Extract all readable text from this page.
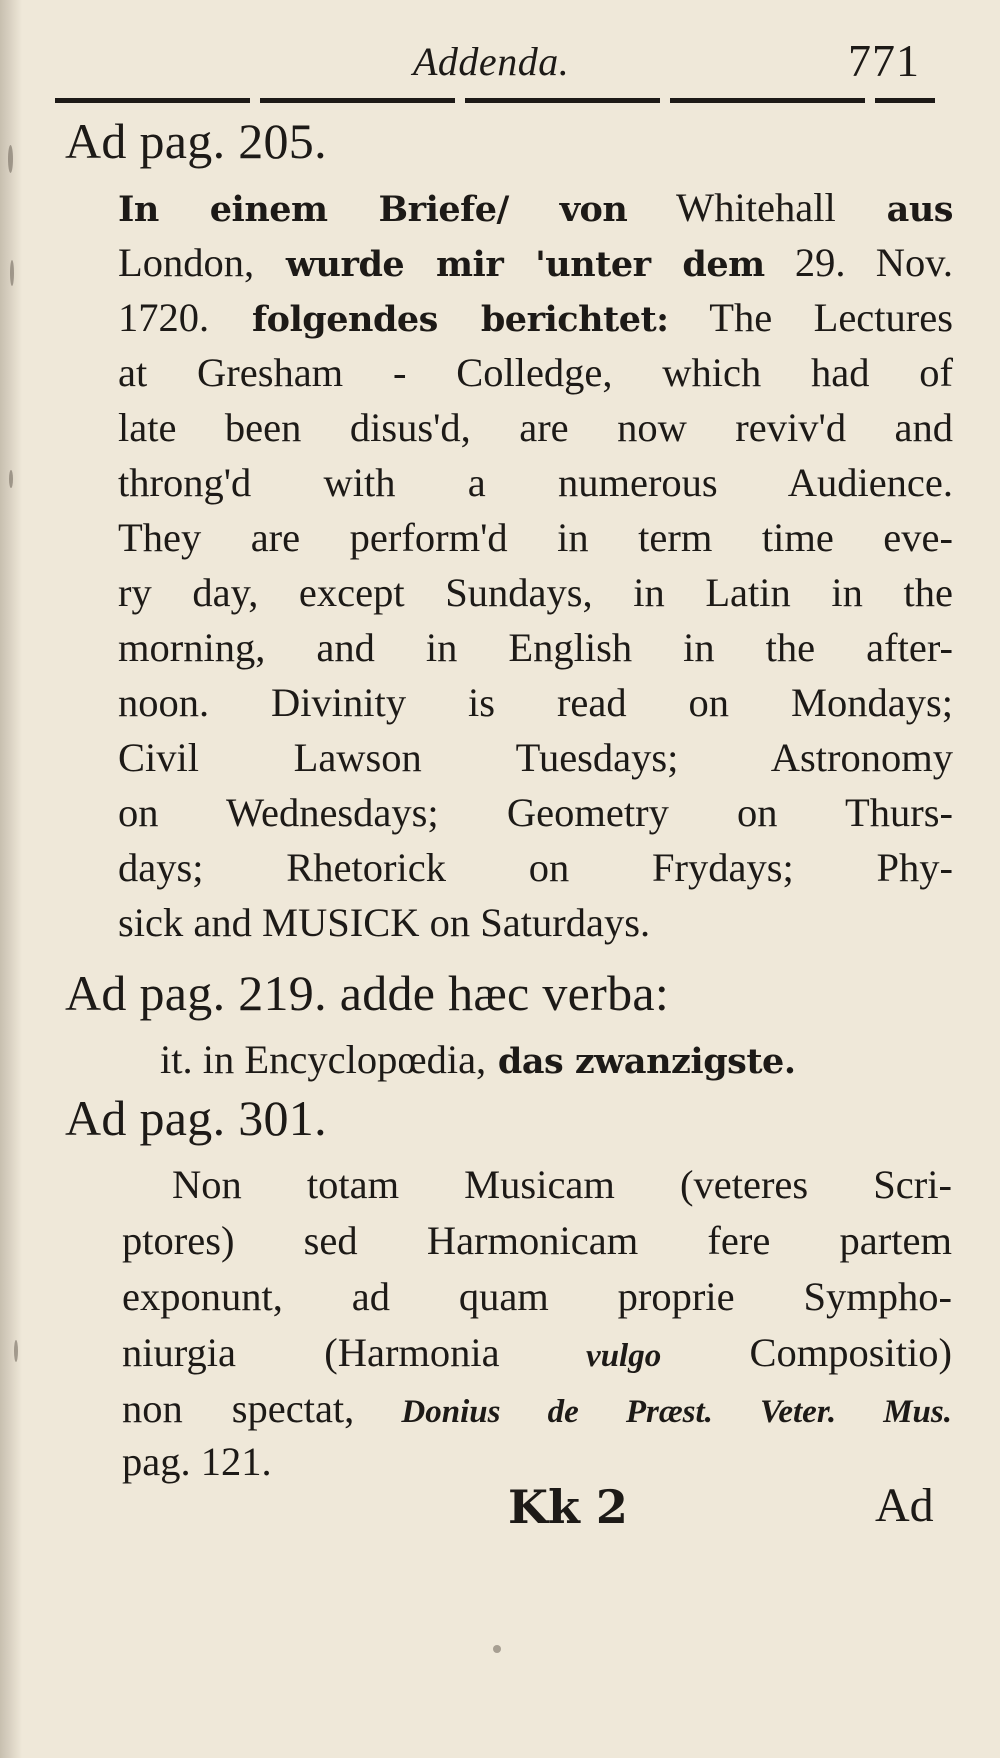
Addenda.	771
Ad pag. 205.
In einem Briefe/ von Whitehall aus
London, wurde mir 'unter dem 29. Nov.
1720. folgendes berichtet: The Lectures
at Gresham - Colledge, which had of
late been disus'd, are now reviv'd and
throng'd with a numerous Audience.
They are perform'd in term time eve-
ry day, except Sundays, in Latin in the
morning, and in English in the after-
noon. Divinity is read on Mondays;
Civil Lawson Tuesdays; Astronomy
on Wednesdays; Geometry on Thurs-
days; Rhetorick on Frydays; Phy-
sick and MUSICK on Saturdays.
Ad pag. 219. adde hæc verba:
it. in Encyclopœdia, das zwanzigste.
Ad pag. 301.
Non totam Musicam (veteres Scri-
ptores) sed Harmonicam fere partem
exponunt, ad quam proprie Sympho-
niurgia (Harmonia vulgo Compositio)
non spectat, Donius de Præst. Veter. Mus.
pag. 121.
Kk 2	Ad
